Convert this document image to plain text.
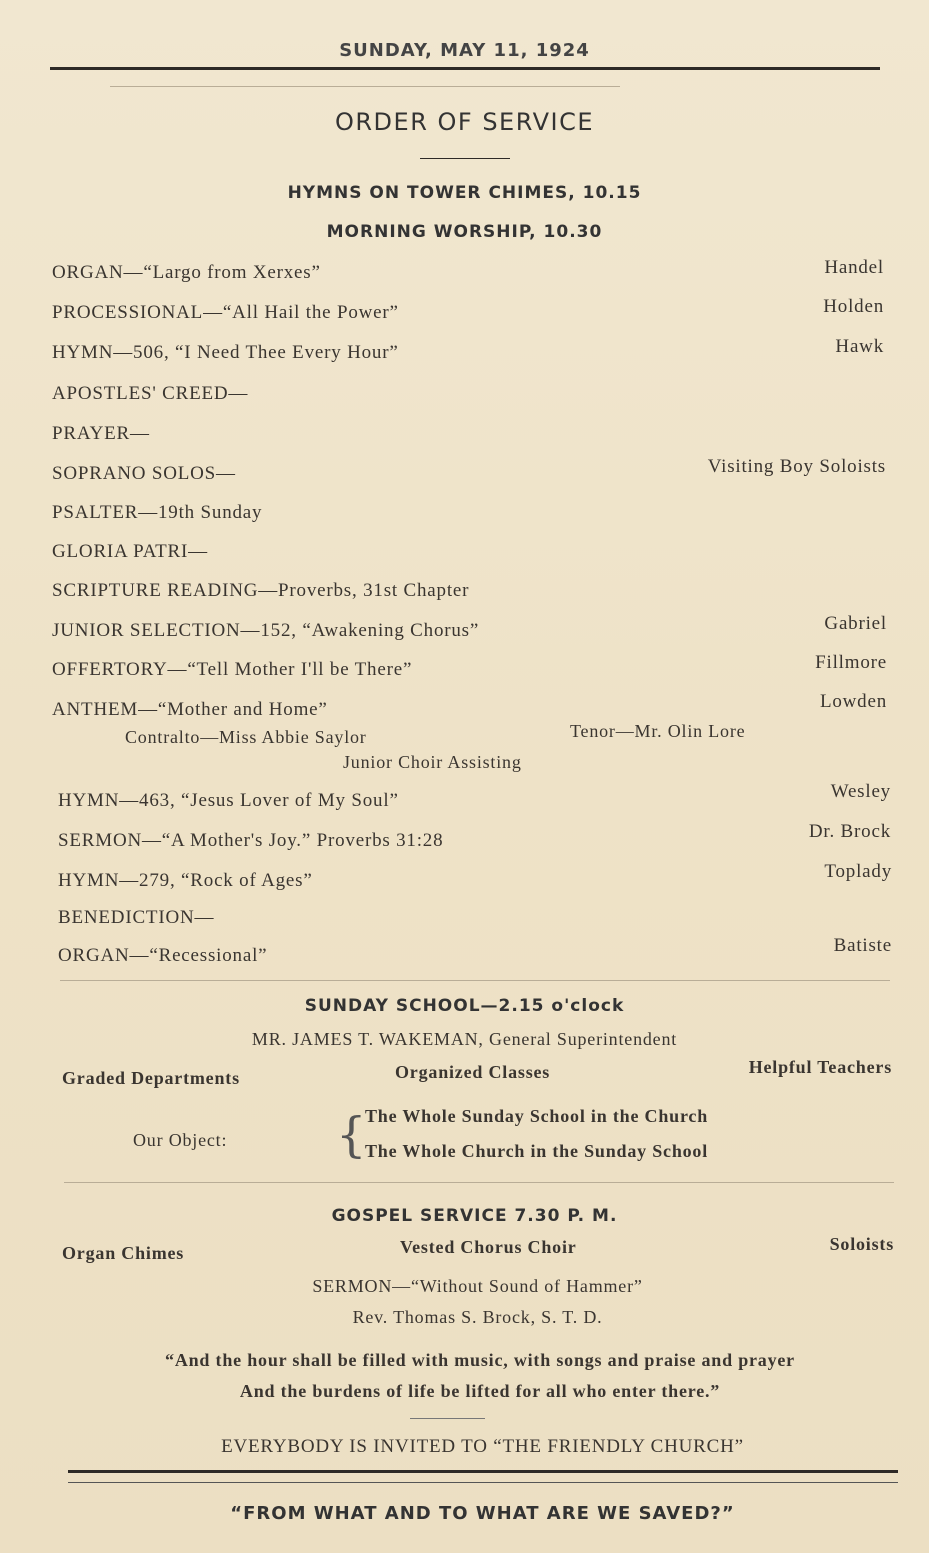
SUNDAY, MAY 11, 1924
ORDER OF SERVICE
HYMNS ON TOWER CHIMES, 10.15
MORNING WORSHIP, 10.30
ORGAN—“Largo from Xerxes”	Handel
PROCESSIONAL—“All Hail the Power”	Holden
HYMN—506, “I Need Thee Every Hour”	Hawk
APOSTLES' CREED—
PRAYER—
SOPRANO SOLOS—	Visiting Boy Soloists
PSALTER—19th Sunday
GLORIA PATRI—
SCRIPTURE READING—Proverbs, 31st Chapter
JUNIOR SELECTION—152, “Awakening Chorus”	Gabriel
OFFERTORY—“Tell Mother I'll be There”	Fillmore
ANTHEM—“Mother and Home”	Lowden
Contralto—Miss Abbie Saylor	Tenor—Mr. Olin Lore
Junior Choir Assisting
HYMN—463, “Jesus Lover of My Soul”	Wesley
SERMON—“A Mother's Joy.” Proverbs 31:28	Dr. Brock
HYMN—279, “Rock of Ages”	Toplady
BENEDICTION—
ORGAN—“Recessional”	Batiste
SUNDAY SCHOOL—2.15 o'clock
MR. JAMES T. WAKEMAN, General Superintendent
Graded Departments	Organized Classes	Helpful Teachers
Our Object: {
The Whole Sunday School in the Church
The Whole Church in the Sunday School
GOSPEL SERVICE 7.30 P. M.
Organ Chimes	Vested Chorus Choir	Soloists
SERMON—“Without Sound of Hammer”
Rev. Thomas S. Brock, S. T. D.
“And the hour shall be filled with music, with songs and praise and prayer
And the burdens of life be lifted for all who enter there.”
EVERYBODY IS INVITED TO “THE FRIENDLY CHURCH”
“FROM WHAT AND TO WHAT ARE WE SAVED?”
